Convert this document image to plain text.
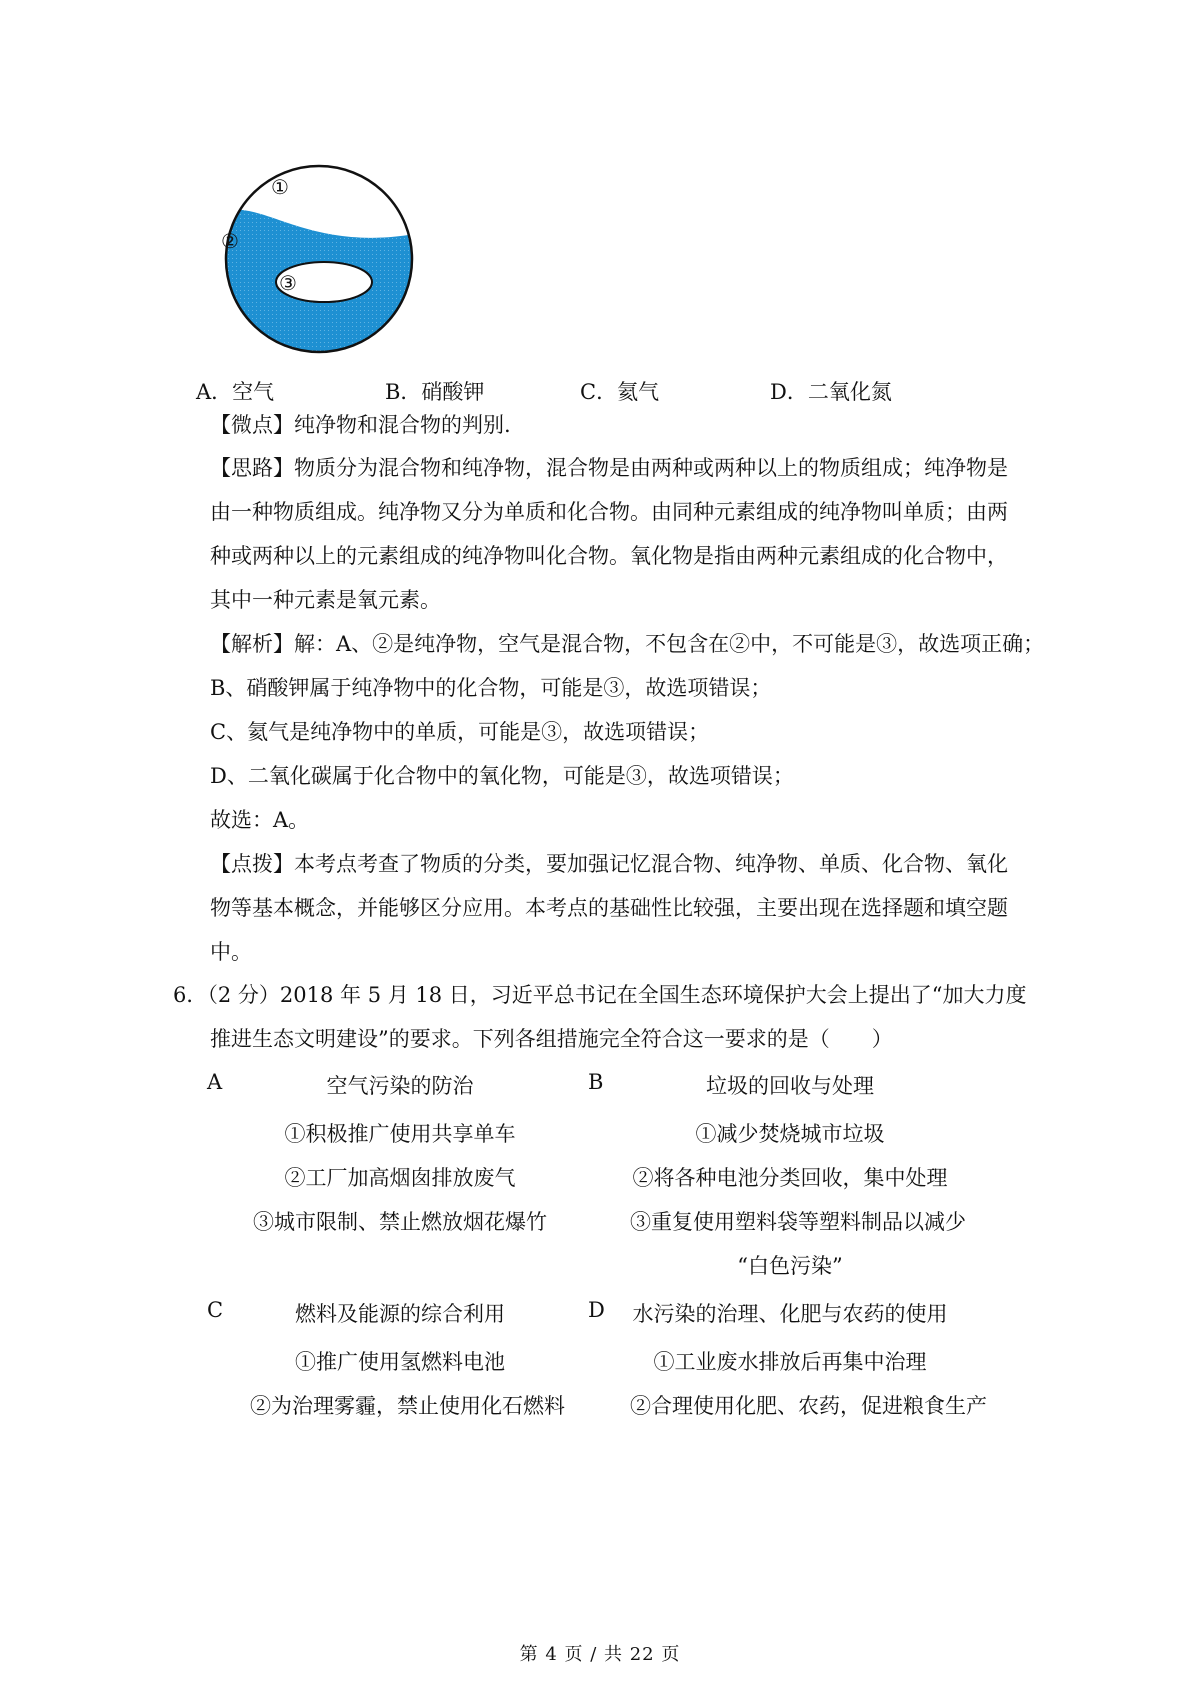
①
②
③
A．空气	B．硝酸钾	C．氦气	D．二氧化氮
【微点】纯净物和混合物的判别.
【思路】物质分为混合物和纯净物，混合物是由两种或两种以上的物质组成；纯净物是
由一种物质组成。纯净物又分为单质和化合物。由同种元素组成的纯净物叫单质；由两
种或两种以上的元素组成的纯净物叫化合物。氧化物是指由两种元素组成的化合物中，
其中一种元素是氧元素。
【解析】解：A、②是纯净物，空气是混合物，不包含在②中，不可能是③，故选项正确；
B、硝酸钾属于纯净物中的化合物，可能是③，故选项错误；
C、氦气是纯净物中的单质，可能是③，故选项错误；
D、二氧化碳属于化合物中的氧化物，可能是③，故选项错误；
故选：A。
【点拨】本考点考查了物质的分类，要加强记忆混合物、纯净物、单质、化合物、氧化
物等基本概念，并能够区分应用。本考点的基础性比较强，主要出现在选择题和填空题
中。
6．（2 分）2018 年 5 月 18 日，习近平总书记在全国生态环境保护大会上提出了“加大力度
推进生态文明建设”的要求。下列各组措施完全符合这一要求的是（　　）
A	空气污染的防治	B	垃圾的回收与处理
①积极推广使用共享单车
②工厂加高烟囱排放废气
③城市限制、禁止燃放烟花爆竹
①减少焚烧城市垃圾
②将各种电池分类回收，集中处理
③重复使用塑料袋等塑料制品以减少
“白色污染”
C	燃料及能源的综合利用	D 水污染的治理、化肥与农药的使用
①推广使用氢燃料电池
②为治理雾霾，禁止使用化石燃料
①工业废水排放后再集中治理
②合理使用化肥、农药，促进粮食生产
第 4 页 / 共 22 页
